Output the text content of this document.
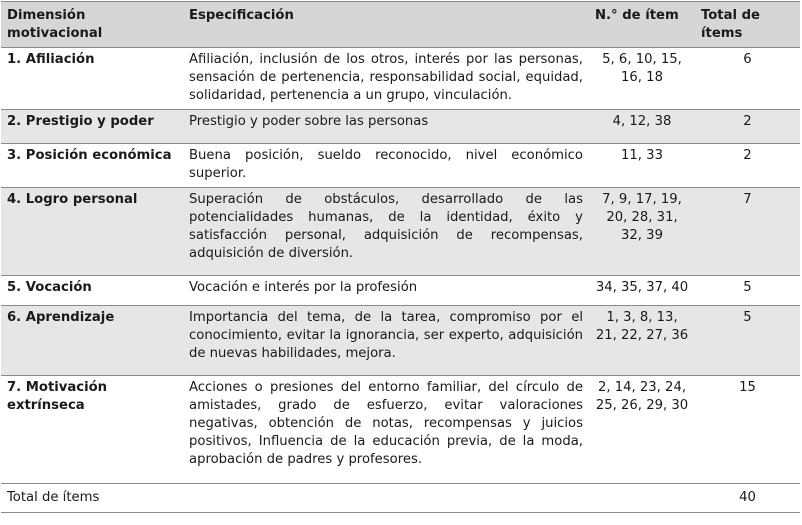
Dimensión motivacional	Especificación	N.° de ítem	Total de ítems
1. Afiliación	Afiliación, inclusión de los otros, interés por las personas, sensación de pertenencia, responsabilidad social, equidad, solidaridad, pertenencia a un grupo, vinculación.	5, 6, 10, 15, 16, 18	6
2. Prestigio y poder	Prestigio y poder sobre las personas	4, 12, 38	2
3. Posición económica	Buena posición, sueldo reconocido, nivel económico superior.	11, 33	2
4. Logro personal	Superación de obstáculos, desarrollado de las potencialidades humanas, de la identidad, éxito y satisfacción personal, adquisición de recompensas, adquisición de diversión.	7, 9, 17, 19, 20, 28, 31, 32, 39	7
5. Vocación	Vocación e interés por la profesión	34, 35, 37, 40	5
6. Aprendizaje	Importancia del tema, de la tarea, compromiso por el conocimiento, evitar la ignorancia, ser experto, adquisición de nuevas habilidades, mejora.	1, 3, 8, 13, 21, 22, 27, 36	5
7. Motivación extrínseca	Acciones o presiones del entorno familiar, del círculo de amistades, grado de esfuerzo, evitar valoraciones negativas, obtención de notas, recompensas y juicios positivos, Influencia de la educación previa, de la moda, aprobación de padres y profesores.	2, 14, 23, 24, 25, 26, 29, 30	15
Total de ítems			40
